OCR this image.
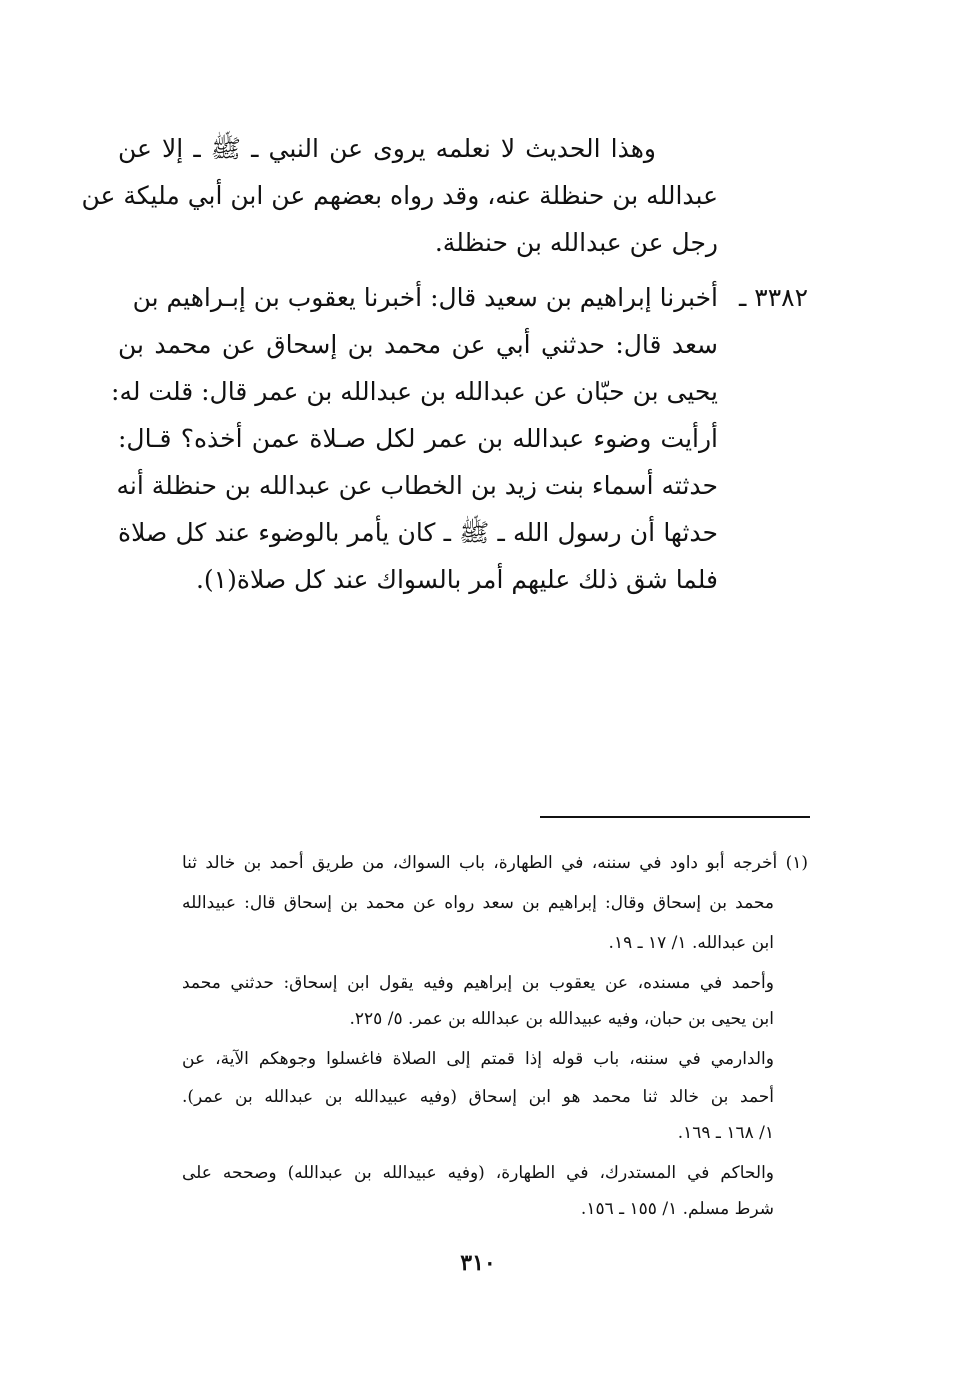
وهذا الحديث لا نعلمه يروى عن النبي ـ ﷺ ـ إلا عن
عبدالله بن حنظلة عنه، وقد رواه بعضهم عن ابن أبي مليكة عن
رجل عن عبدالله بن حنظلة.
٣٣٨٢ ـ
أخبرنا إبراهيم بن سعيد قال: أخبرنا يعقوب بن إبـراهيم بن
سعد قال: حدثني أبي عن محمد بن إسحاق عن محمد بن
يحيى بن حبّان عن عبدالله بن عبدالله بن عمر قال: قلت له:
أرأيت وضوء عبدالله بن عمر لكل صـلاة عمن أخذه؟ قـال:
حدثته أسماء بنت زيد بن الخطاب عن عبدالله بن حنظلة أنه
حدثها أن رسول الله ـ ﷺ ـ كان يأمر بالوضوء عند كل صلاة
فلما شق ذلك عليهم أمر بالسواك عند كل صلاة(١).
(١) أخرجه أبو داود في سننه، في الطهارة، باب السواك، من طريق أحمد بن خالد ثنا
محمد بن إسحاق وقال: إبراهيم بن سعد رواه عن محمد بن إسحاق قال: عبيدالله
ابن عبدالله. ١/ ١٧ ـ ١٩.
وأحمد في مسنده، عن يعقوب بن إبراهيم وفيه يقول ابن إسحاق: حدثني محمد
ابن يحيى بن حبان، وفيه عبيدالله بن عبدالله بن عمر. ٥/ ٢٢٥.
والدارمي في سننه، باب قوله إذا قمتم إلى الصلاة فاغسلوا وجوهكم الآية، عن
أحمد بن خالد ثنا محمد هو ابن إسحاق (وفيه عبيدالله بن عبدالله بن عمر).
١/ ١٦٨ ـ ١٦٩.
والحاكم في المستدرك، في الطهارة، (وفيه عبيدالله بن عبدالله) وصححه على
شرط مسلم. ١/ ١٥٥ ـ ١٥٦.
٣١٠
